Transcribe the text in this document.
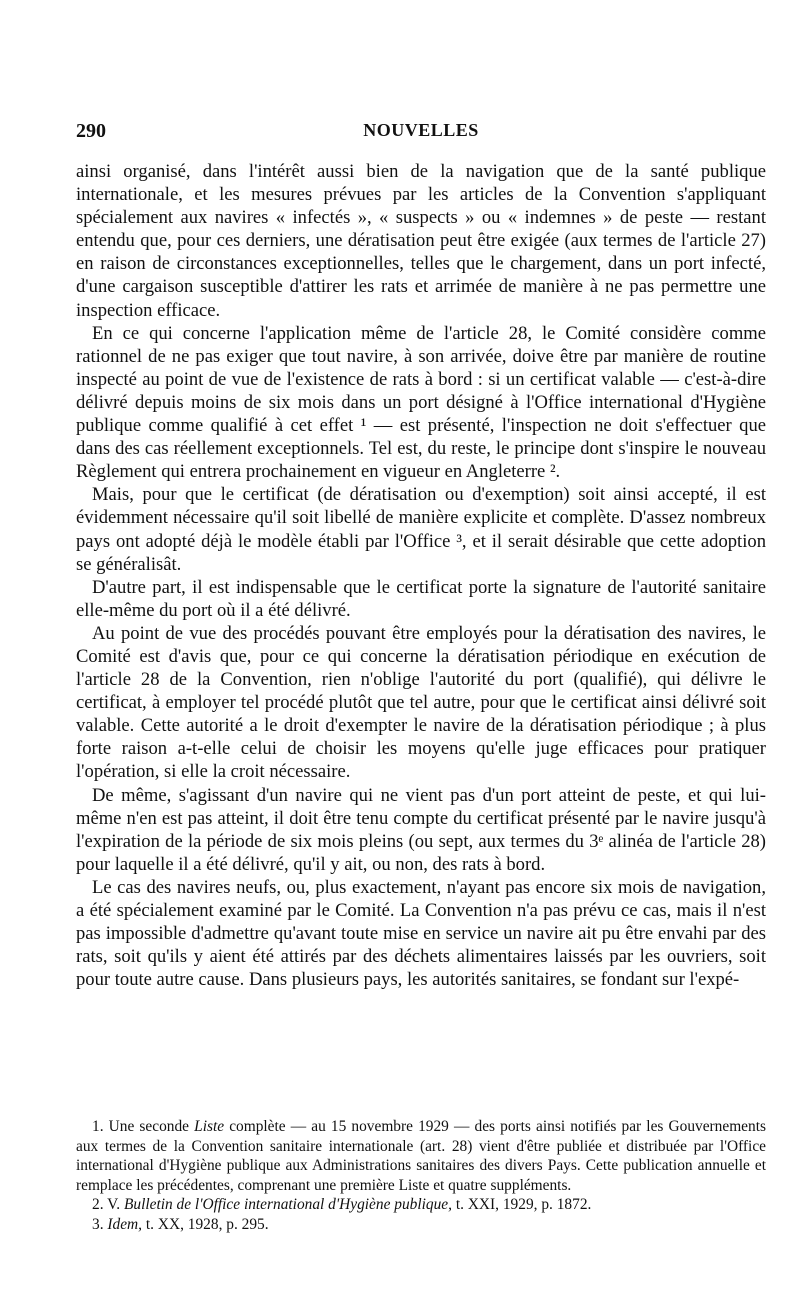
290	NOUVELLES

ainsi organisé, dans l'intérêt aussi bien de la navigation que de la santé publique internationale, et les mesures prévues par les articles de la Convention s'appliquant spécialement aux navires « infectés », « suspects » ou « indemnes » de peste — restant entendu que, pour ces derniers, une dératisation peut être exigée (aux termes de l'article 27) en raison de circonstances exceptionnelles, telles que le chargement, dans un port infecté, d'une cargaison susceptible d'attirer les rats et arrimée de manière à ne pas permettre une inspection efficace.

En ce qui concerne l'application même de l'article 28, le Comité considère comme rationnel de ne pas exiger que tout navire, à son arrivée, doive être par manière de routine inspecté au point de vue de l'existence de rats à bord : si un certificat valable — c'est-à-dire délivré depuis moins de six mois dans un port désigné à l'Office international d'Hygiène publique comme qualifié à cet effet ¹ — est présenté, l'inspection ne doit s'effectuer que dans des cas réellement exceptionnels. Tel est, du reste, le principe dont s'inspire le nouveau Règlement qui entrera prochainement en vigueur en Angleterre ².

Mais, pour que le certificat (de dératisation ou d'exemption) soit ainsi accepté, il est évidemment nécessaire qu'il soit libellé de manière explicite et complète. D'assez nombreux pays ont adopté déjà le modèle établi par l'Office ³, et il serait désirable que cette adoption se généralisât.

D'autre part, il est indispensable que le certificat porte la signature de l'autorité sanitaire elle-même du port où il a été délivré.

Au point de vue des procédés pouvant être employés pour la dératisation des navires, le Comité est d'avis que, pour ce qui concerne la dératisation périodique en exécution de l'article 28 de la Convention, rien n'oblige l'autorité du port (qualifié), qui délivre le certificat, à employer tel procédé plutôt que tel autre, pour que le certificat ainsi délivré soit valable. Cette autorité a le droit d'exempter le navire de la dératisation périodique ; à plus forte raison a-t-elle celui de choisir les moyens qu'elle juge efficaces pour pratiquer l'opération, si elle la croit nécessaire.

De même, s'agissant d'un navire qui ne vient pas d'un port atteint de peste, et qui lui-même n'en est pas atteint, il doit être tenu compte du certificat présenté par le navire jusqu'à l'expiration de la période de six mois pleins (ou sept, aux termes du 3ᵉ alinéa de l'article 28) pour laquelle il a été délivré, qu'il y ait, ou non, des rats à bord.

Le cas des navires neufs, ou, plus exactement, n'ayant pas encore six mois de navigation, a été spécialement examiné par le Comité. La Convention n'a pas prévu ce cas, mais il n'est pas impossible d'admettre qu'avant toute mise en service un navire ait pu être envahi par des rats, soit qu'ils y aient été attirés par des déchets alimentaires laissés par les ouvriers, soit pour toute autre cause. Dans plusieurs pays, les autorités sanitaires, se fondant sur l'expé-

1. Une seconde Liste complète — au 15 novembre 1929 — des ports ainsi notifiés par les Gouvernements aux termes de la Convention sanitaire internationale (art. 28) vient d'être publiée et distribuée par l'Office international d'Hygiène publique aux Administrations sanitaires des divers Pays. Cette publication annuelle et remplace les précédentes, comprenant une première Liste et quatre suppléments.

2. V. Bulletin de l'Office international d'Hygiène publique, t. XXI, 1929, p. 1872.

3. Idem, t. XX, 1928, p. 295.
